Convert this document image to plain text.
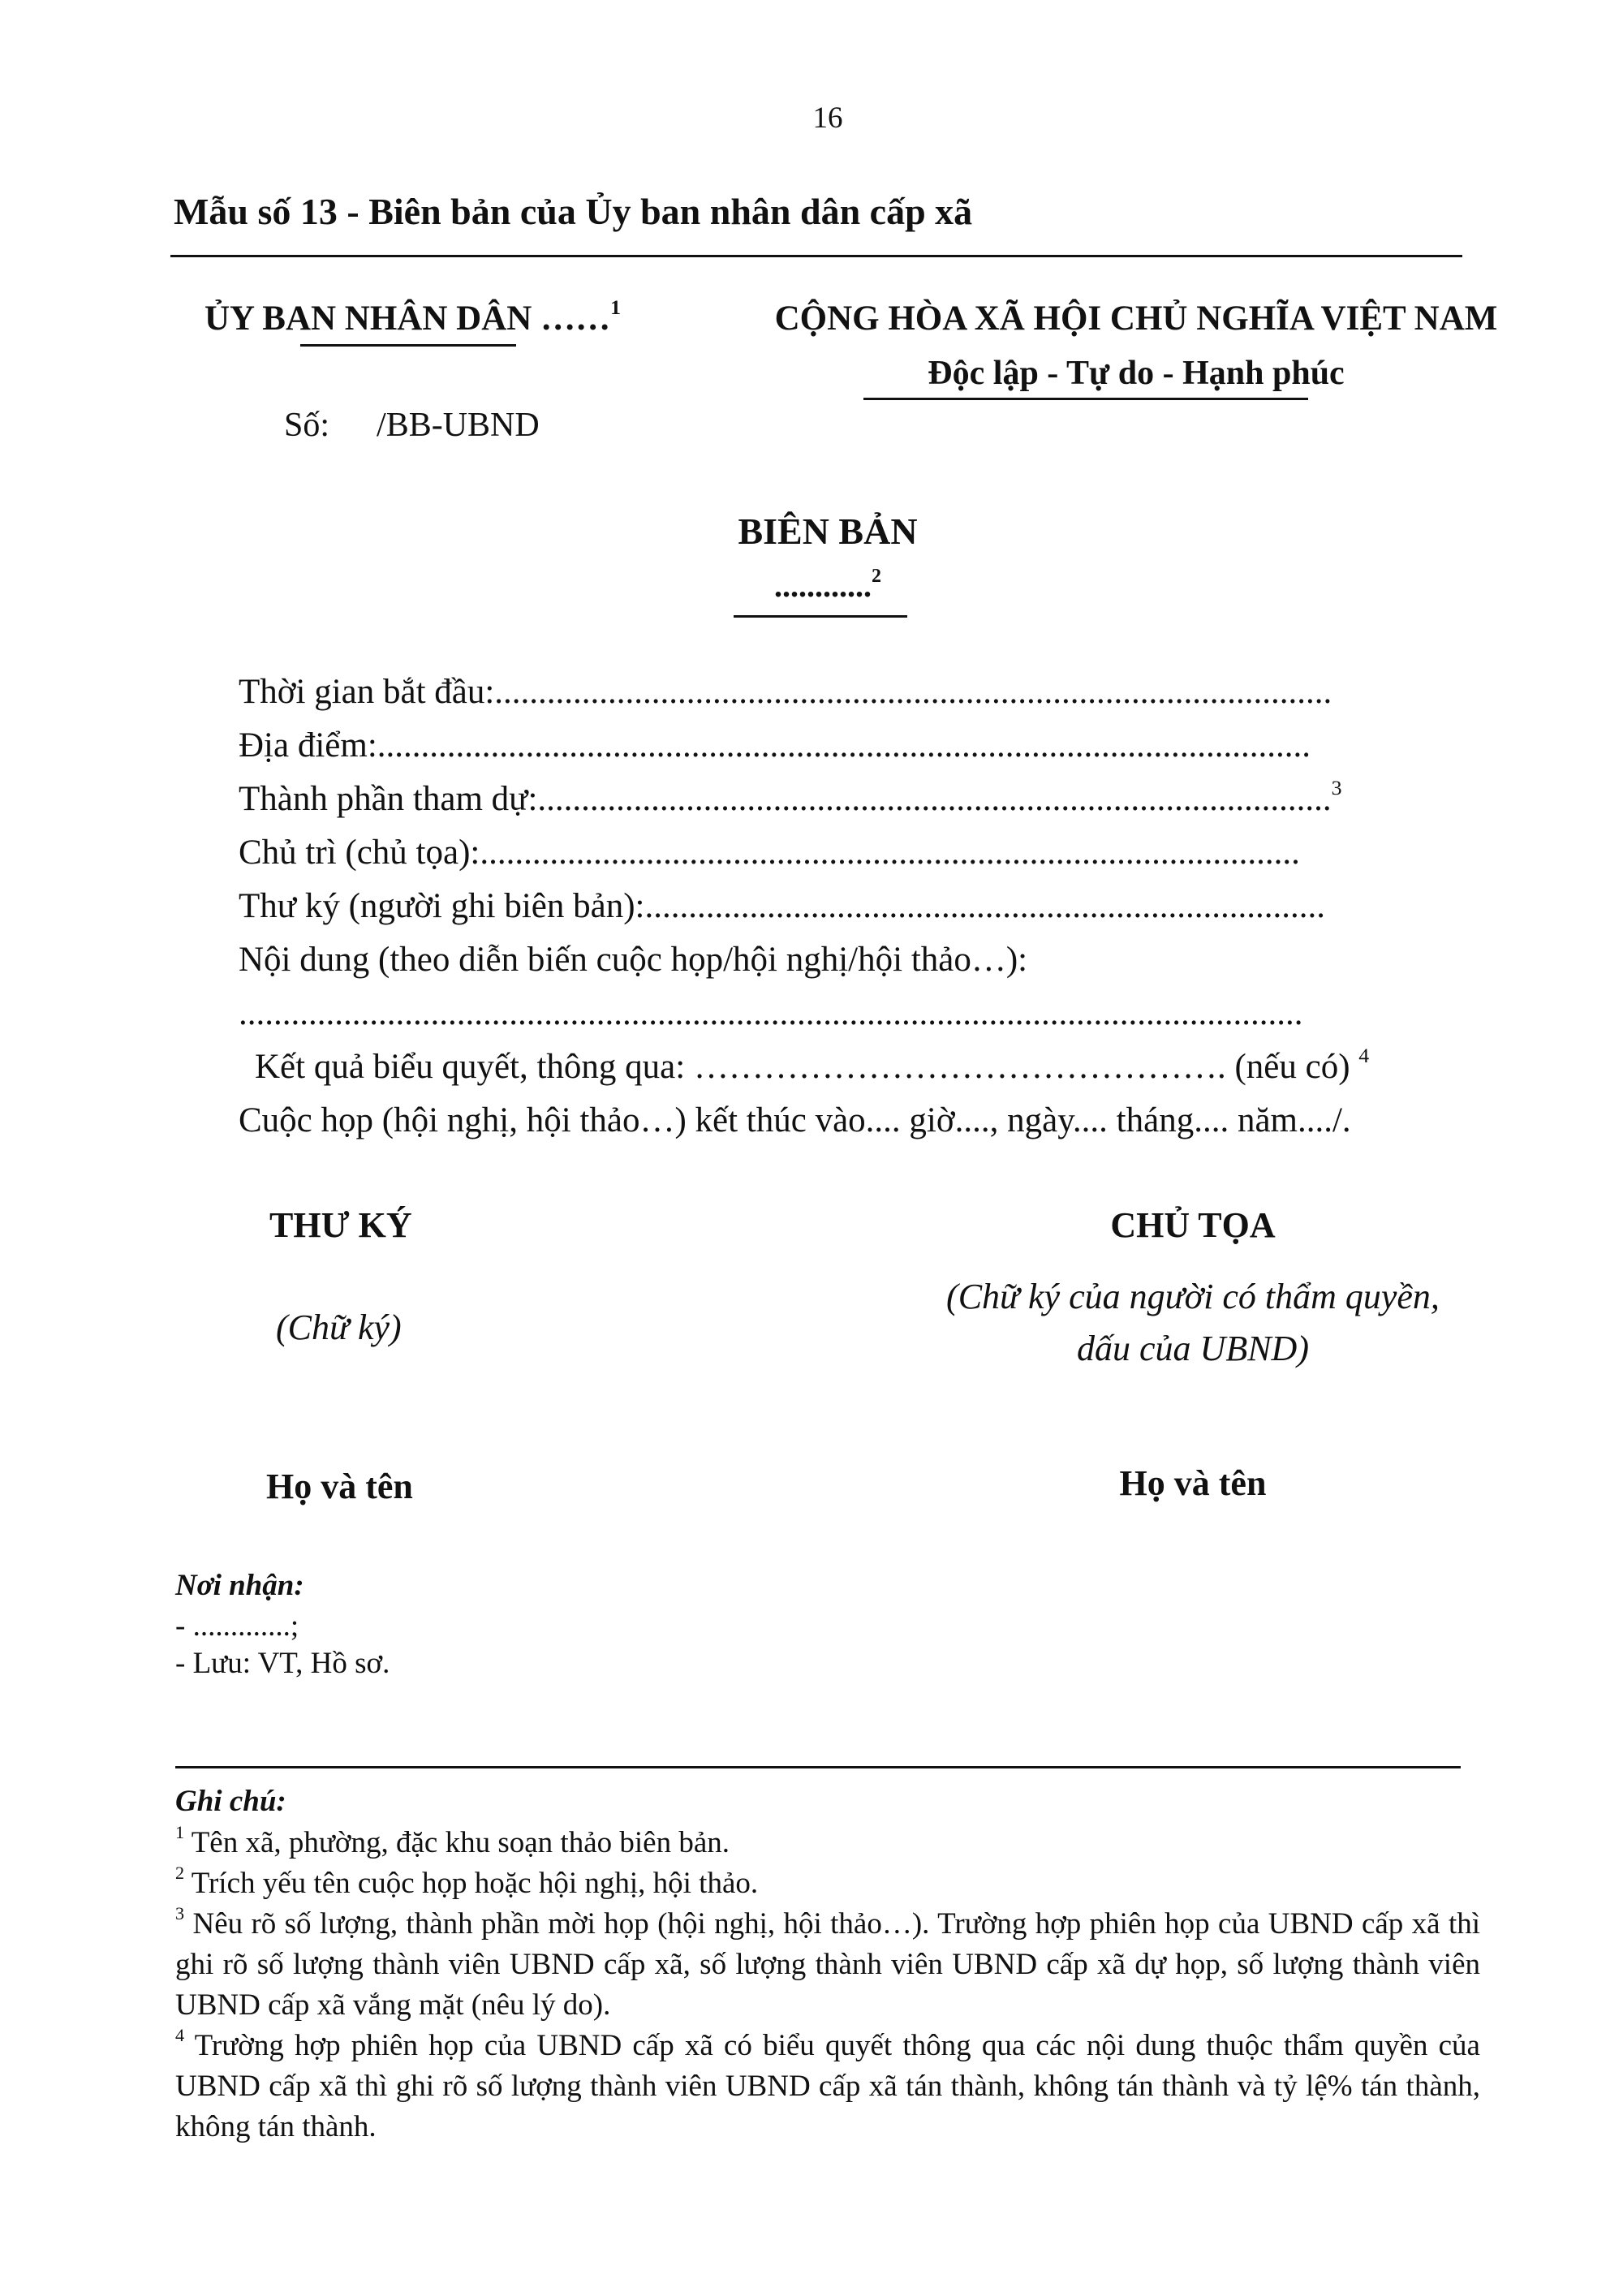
16
Mẫu số 13 - Biên bản của Ủy ban nhân dân cấp xã
ỦY BAN NHÂN DÂN ……$^1$
Số: /BB-UBND
CỘNG HÒA XÃ HỘI CHỦ NGHĨA VIỆT NAM
Độc lập - Tự do - Hạnh phúc
BIÊN BẢN
............$^2$
Thời gian bắt đầu:................................................................................................
Địa điểm:...........................................................................................................
Thành phần tham dự:...........................................................................................$^3$
Chủ trì (chủ tọa):..............................................................................................
Thư ký (người ghi biên bản):..............................................................................
Nội dung (theo diễn biến cuộc họp/hội nghị/hội thảo…):
..........................................................................................................................
Kết quả biểu quyết, thông qua: ………………………………………. (nếu có) $^4$
Cuộc họp (hội nghị, hội thảo…) kết thúc vào.... giờ...., ngày.... tháng.... năm..../.
THƯ KÝ
(Chữ ký)
Họ và tên
CHỦ TỌA
(Chữ ký của người có thẩm quyền,
dấu của UBND)
Họ và tên
Nơi nhận:
- .............;
- Lưu: VT, Hồ sơ.
Ghi chú:
$^1$ Tên xã, phường, đặc khu soạn thảo biên bản.
$^2$ Trích yếu tên cuộc họp hoặc hội nghị, hội thảo.
$^3$ Nêu rõ số lượng, thành phần mời họp (hội nghị, hội thảo…). Trường hợp phiên họp của UBND cấp xã thì ghi rõ số lượng thành viên UBND cấp xã, số lượng thành viên UBND cấp xã dự họp, số lượng thành viên UBND cấp xã vắng mặt (nêu lý do).
$^4$ Trường hợp phiên họp của UBND cấp xã có biểu quyết thông qua các nội dung thuộc thẩm quyền của UBND cấp xã thì ghi rõ số lượng thành viên UBND cấp xã tán thành, không tán thành và tỷ lệ% tán thành, không tán thành.
